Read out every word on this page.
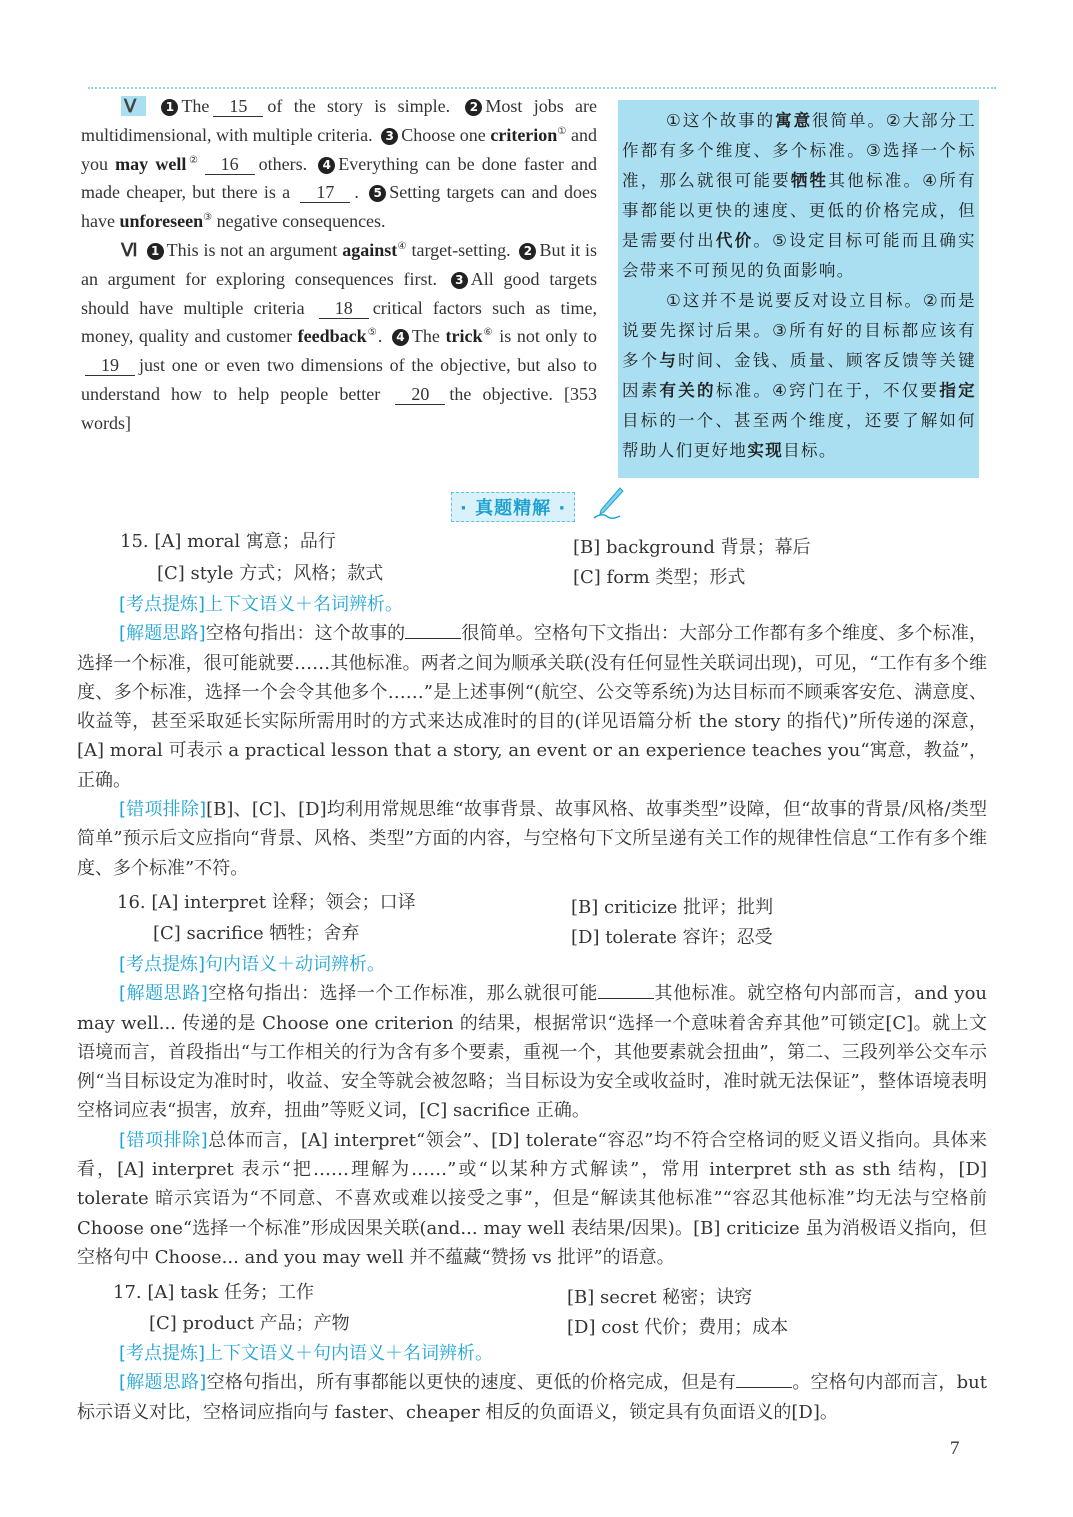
Ⅴ 1 The 15 of the story is simple. 2 Most jobs are multidimensional, with multiple criteria. 3 Choose one criterion① and you may well② 16 others. 4 Everything can be done faster and made cheaper, but there is a 17 . 5 Setting targets can and does have unforeseen③ negative consequences.

Ⅵ 1 This is not an argument against④ target-setting. 2 But it is an argument for exploring consequences first. 3 All good targets should have multiple criteria 18 critical factors such as time, money, quality and customer feedback⑤. 4 The trick⑥ is not only to 19 just one or even two dimensions of the objective, but also to understand how to help people better 20 the objective. [353 words]

①这个故事的寓意很简单。②大部分工作都有多个维度、多个标准。③选择一个标准，那么就很可能要牺牲其他标准。④所有事都能以更快的速度、更低的价格完成，但是需要付出代价。⑤设定目标可能而且确实会带来不可预见的负面影响。

①这并不是说要反对设立目标。②而是说要先探讨后果。③所有好的目标都应该有多个与时间、金钱、质量、顾客反馈等关键因素有关的标准。④窍门在于，不仅要指定目标的一个、甚至两个维度，还要了解如何帮助人们更好地实现目标。

· 真题精解 ·
15. [A] moral 寓意；品行	[B] background 背景；幕后
[C] style 方式；风格；款式	[C] form 类型；形式

[考点提炼]上下文语义＋名词辨析。

[解题思路]空格句指出：这个故事的	很简单。空格句下文指出：大部分工作都有多个维度、多个标准，选择一个标准，很可能就要……其他标准。两者之间为顺承关联(没有任何显性关联词出现)，可见，“工作有多个维度、多个标准，选择一个会令其他多个……”是上述事例“(航空、公交等系统)为达目标而不顾乘客安危、满意度、收益等，甚至采取延长实际所需用时的方式来达成准时的目的(详见语篇分析 the story 的指代)”所传递的深意，[A] moral 可表示 a practical lesson that a story, an event or an experience teaches you“寓意，教益”，正确。

[错项排除][B]、[C]、[D]均利用常规思维“故事背景、故事风格、故事类型”设障，但“故事的背景/风格/类型简单”预示后文应指向“背景、风格、类型”方面的内容，与空格句下文所呈递有关工作的规律性信息“工作有多个维度、多个标准”不符。

16. [A] interpret 诠释；领会；口译	[B] criticize 批评；批判
[C] sacrifice 牺牲；舍弃	[D] tolerate 容许；忍受

[考点提炼]句内语义＋动词辨析。

[解题思路]空格句指出：选择一个工作标准，那么就很可能	其他标准。就空格句内部而言，and you may well... 传递的是 Choose one criterion 的结果，根据常识“选择一个意味着舍弃其他”可锁定[C]。就上文语境而言，首段指出“与工作相关的行为含有多个要素，重视一个，其他要素就会扭曲”，第二、三段列举公交车示例“当目标设定为准时时，收益、安全等就会被忽略；当目标设为安全或收益时，准时就无法保证”，整体语境表明空格词应表“损害，放弃，扭曲”等贬义词，[C] sacrifice 正确。

[错项排除]总体而言，[A] interpret“领会”、[D] tolerate“容忍”均不符合空格词的贬义语义指向。具体来看，[A] interpret 表示“把……理解为……”或“以某种方式解读”，常用 interpret sth as sth 结构，[D] tolerate 暗示宾语为“不同意、不喜欢或难以接受之事”，但是“解读其他标准”“容忍其他标准”均无法与空格前 Choose one“选择一个标准”形成因果关联(and... may well 表结果/因果)。[B] criticize 虽为消极语义指向，但空格句中 Choose... and you may well 并不蕴藏“赞扬 vs 批评”的语意。

17. [A] task 任务；工作	[B] secret 秘密；诀窍
[C] product 产品；产物	[D] cost 代价；费用；成本

[考点提炼]上下文语义＋句内语义＋名词辨析。

[解题思路]空格句指出，所有事都能以更快的速度、更低的价格完成，但是有	。空格句内部而言，but 标示语义对比，空格词应指向与 faster、cheaper 相反的负面语义，锁定具有负面语义的[D]。

7
